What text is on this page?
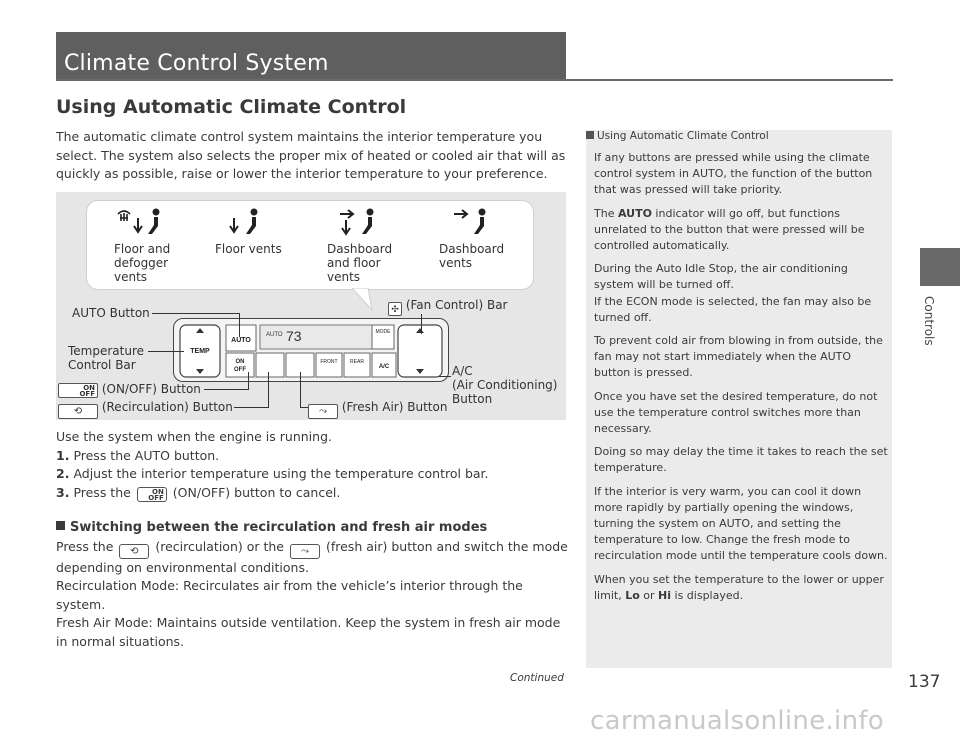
Climate Control System
Using Automatic Climate Control
The automatic climate control system maintains the interior temperature you select. The system also selects the proper mix of heated or cooled air that will as quickly as possible, raise or lower the interior temperature to your preference.
Floor and
defogger
vents
Floor vents	Dashboard
and floor
vents
Dashboard
vents
TEMP
AUTO
AUTO 73	MODE
ON
OFF
FRONT REAR
A/C
AUTO Button
Temperature
Control Bar
✣ (Fan Control) Bar
A/C
(Air Conditioning)
Button
ON
OFF (ON/OFF) Button
⟲ (Recirculation) Button	⤳ (Fresh Air) Button
Use the system when the engine is running.
1. Press the AUTO button.
2. Adjust the interior temperature using the temperature control bar.
3. Press the	ON
OFF (ON/OFF) button to cancel.
Switching between the recirculation and fresh air modes
Press the ⟲ (recirculation) or the ⤳ (fresh air) button and switch the mode depending on environmental conditions.
Recirculation Mode: Recirculates air from the vehicle’s interior through the system.
Fresh Air Mode: Maintains outside ventilation. Keep the system in fresh air mode in normal situations.
Using Automatic Climate Control

If any buttons are pressed while using the climate control system in AUTO, the function of the button that was pressed will take priority.

The AUTO indicator will go off, but functions unrelated to the button that were pressed will be controlled automatically.

During the Auto Idle Stop, the air conditioning system will be turned off.

If the ECON mode is selected, the fan may also be turned off.

To prevent cold air from blowing in from outside, the fan may not start immediately when the AUTO button is pressed.

Once you have set the desired temperature, do not use the temperature control switches more than necessary.

Doing so may delay the time it takes to reach the set temperature.

If the interior is very warm, you can cool it down more rapidly by partially opening the windows, turning the system on AUTO, and setting the temperature to low. Change the fresh mode to recirculation mode until the temperature cools down.

When you set the temperature to the lower or upper limit, Lo or Hi is displayed.

Controls
Continued	137
carmanualsonline.info
